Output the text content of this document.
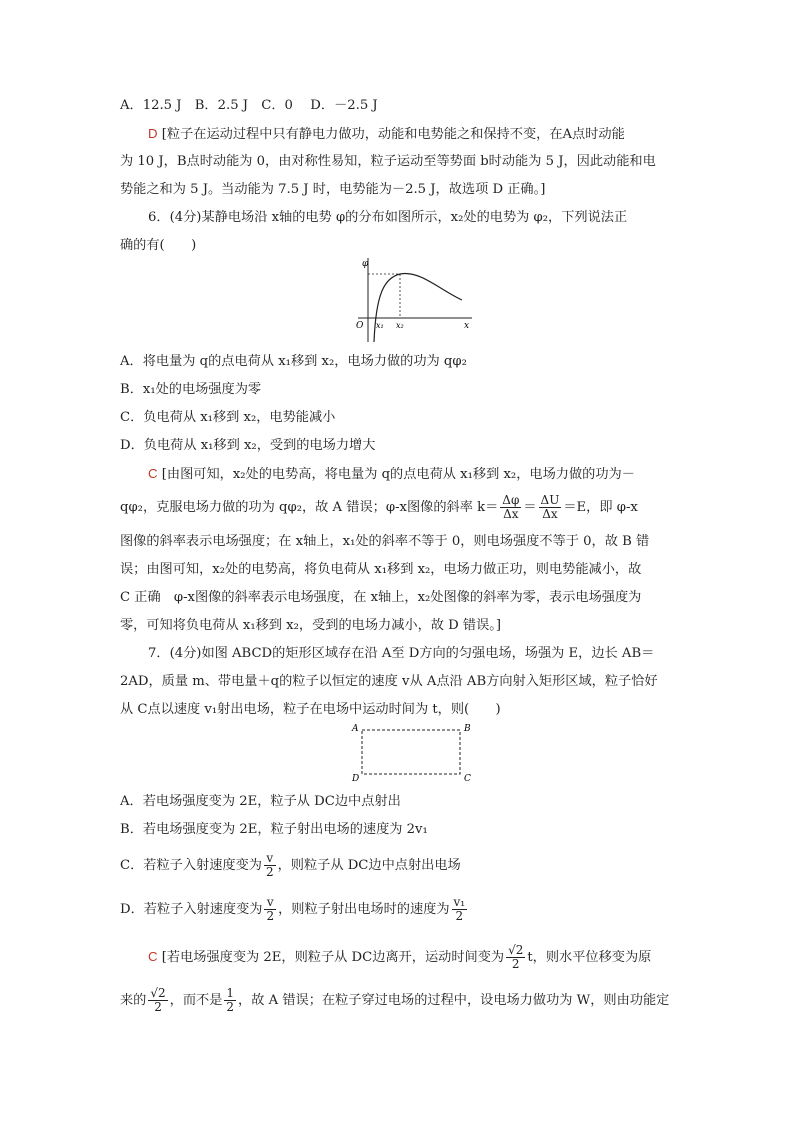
A．12.5 J　B．2.5 J　C．0　 D．－2.5 J
D [粒子在运动过程中只有静电力做功，动能和电势能之和保持不变，在A点时动能
为 10 J，B点时动能为 0，由对称性易知，粒子运动至等势面 b时动能为 5 J，因此动能和电
势能之和为 5 J。当动能为 7.5 J 时，电势能为－2.5 J，故选项 D 正确。]
6．(4分)某静电场沿 x轴的电势 φ的分布如图所示，x₂处的电势为 φ₂，下列说法正
确的有(　　)
φ
O x₁ x₂	x
A．将电量为 q的点电荷从 x₁移到 x₂，电场力做的功为 qφ₂
B．x₁处的电场强度为零
C．负电荷从 x₁移到 x₂，电势能减小
D．负电荷从 x₁移到 x₂，受到的电场力增大
C [由图可知，x₂处的电势高，将电量为 q的点电荷从 x₁移到 x₂，电场力做的功为－
qφ₂，克服电场力做的功为 qφ₂，故 A 错误；φ-x图像的斜率 $k= \frac{\Delta\varphi}{\Delta x} = \frac{\Delta U}{\Delta x} =E$，即 φ-x
图像的斜率表示电场强度；在 x轴上，x₁处的斜率不等于 0，则电场强度不等于 0，故 B 错
误；由图可知，x₂处的电势高，将负电荷从 x₁移到 x₂，电场力做正功，则电势能减小，故
C 正确　φ-x图像的斜率表示电场强度，在 x轴上，x₂处图像的斜率为零，表示电场强度为
零，可知将负电荷从 x₁移到 x₂，受到的电场力减小，故 D 错误。]
7．(4分)如图 ABCD的矩形区域存在沿 A至 D方向的匀强电场，场强为 E，边长 AB＝
2AD，质量 m、带电量＋q的粒子以恒定的速度 v从 A点沿 AB方向射入矩形区域，粒子恰好
从 C点以速度 v₁射出电场，粒子在电场中运动时间为 t，则(　　)
A	B
C
D
A．若电场强度变为 2E，粒子从 DC边中点射出
B．若电场强度变为 2E，粒子射出电场的速度为 2v₁
C．若粒子入射速度变为 $\frac{v}{2}$ ，则粒子从 DC边中点射出电场
D．若粒子入射速度变为 $\frac{v}{2}$ ，则粒子射出电场时的速度为 $\frac{\text{v₁}}{2}$
C [若电场强度变为 2E，则粒子从 DC边离开，运动时间变为 $\frac{√2}{2}$ t，则水平位移变为原
来的 $\frac{√2}{2}$ ，而不是 $\frac{1}{2}$ ，故 A 错误；在粒子穿过电场的过程中，设电场力做功为 W，则由功能定
